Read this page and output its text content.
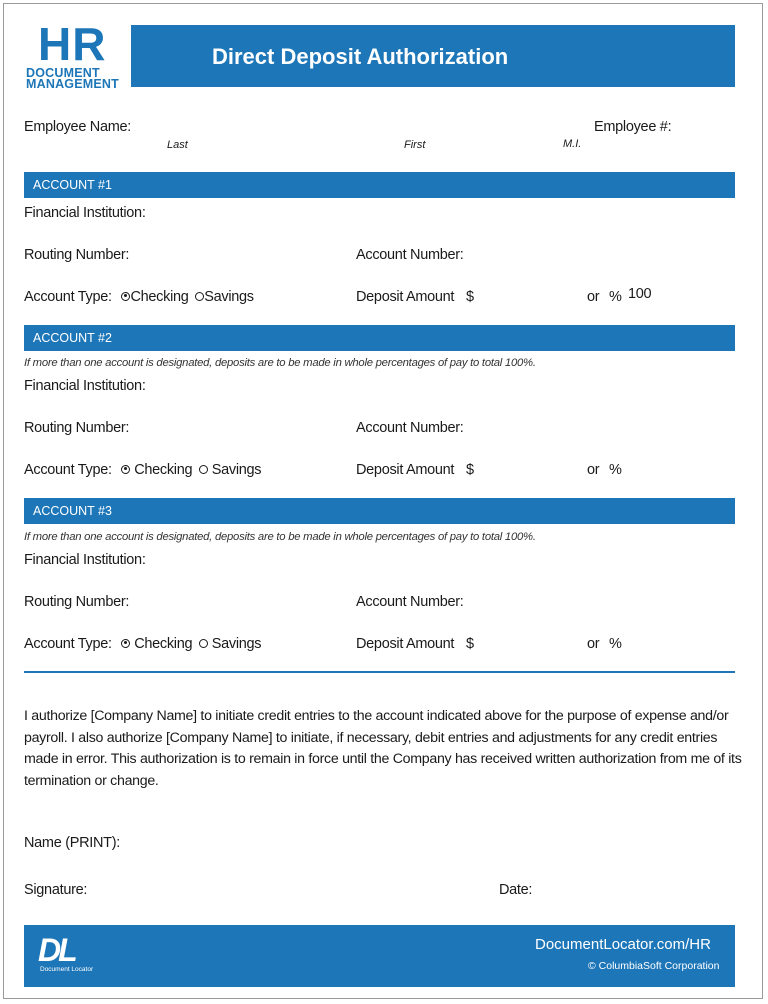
HR
DOCUMENT
MANAGEMENT
Direct Deposit Authorization
Employee Name:	Employee #:
Last	First	M.I.
ACCOUNT #1
Financial Institution:
Routing Number:	Account Number:
Account Type: Checking Savings	Deposit Amount $	or % 100
ACCOUNT #2
If more than one account is designated, deposits are to be made in whole percentages of pay to total 100%.
Financial Institution:
Routing Number:	Account Number:
Account Type: Checking Savings	Deposit Amount $	or %
ACCOUNT #3
If more than one account is designated, deposits are to be made in whole percentages of pay to total 100%.
Financial Institution:
Routing Number:	Account Number:
Account Type: Checking Savings	Deposit Amount $	or %
I authorize [Company Name] to initiate credit entries to the account indicated above for the purpose of expense and/or payroll. I also authorize [Company Name] to initiate, if necessary, debit entries and adjustments for any credit entries made in error. This authorization is to remain in force until the Company has received written authorization from me of its termination or change.
Name (PRINT):
Signature:	Date:
DL
Document Locator
DocumentLocator.com/HR
© ColumbiaSoft Corporation
